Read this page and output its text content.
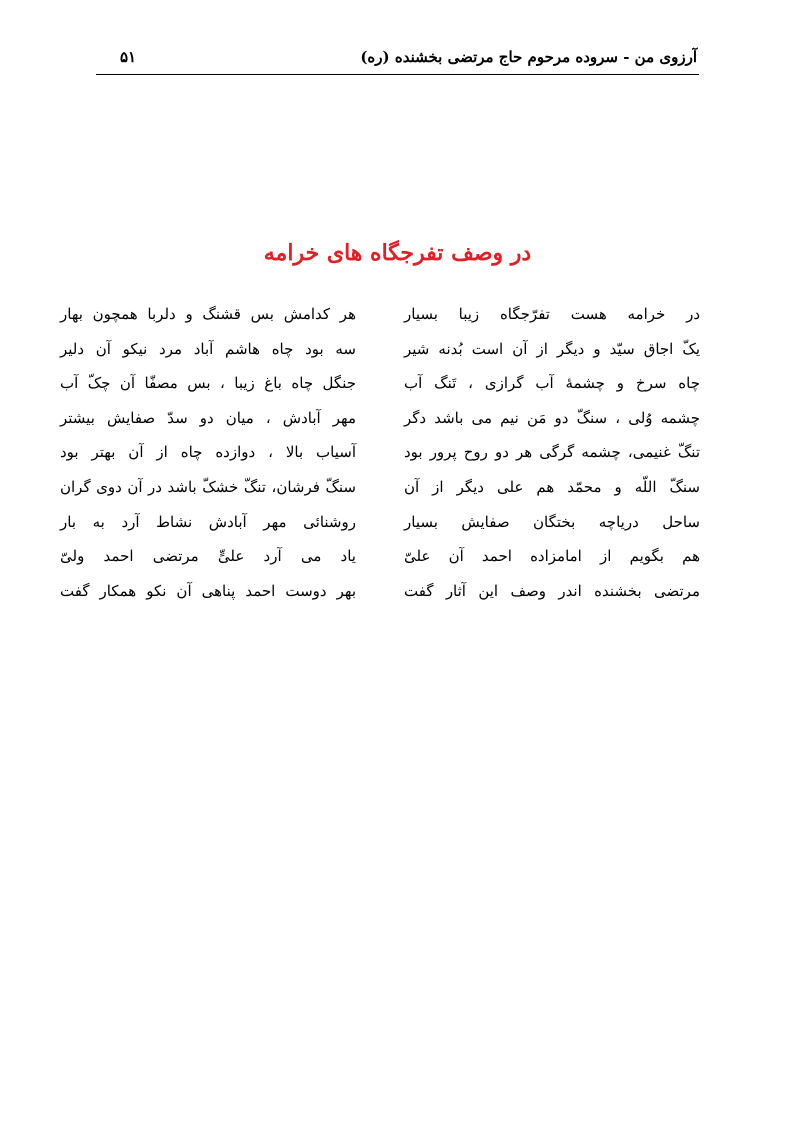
آرزوی من - سروده مرحوم حاج مرتضی بخشنده (ره)
۵۱
در وصف تفرجگاه های خرامه
در خرامه هست تفرّجگاه زیبا بسیار
هر کدامش بس قشنگ و دلربا همچون بهار
یکّ اجاق سیّد و دیگر از آن است بُدنه شیر
سه بود چاه هاشم آباد مرد نیکو آن دلیر
چاه سرخ و چشمهٔ آب گرازی ، تَنگ آب
جنگل چاه باغ زیبا ، بس مصفّا آن چکّ آب
چشمه وُلی ، سنگّ دو مَن نیم می باشد دگر
مهر آبادش ، میان دو سدّ صفایش بیشتر
تنگّ غنیمی، چشمه گرگی هر دو روح پرور بود
آسیاب بالا ، دوازده چاه از آن بهتر بود
سنگّ اللّه و محمّد هم علی دیگر از آن
سنگّ فرشان، تنگّ خشکّ باشد در آن دوی گران
ساحل دریاچه بختگان صفایش بسیار
روشنائی مهر آبادش نشاط آرد به بار
هم بگویم از امامزاده احمد آن علیّ
یاد می آرد علیٍّ مرتضی احمد ولیّ
مرتضی بخشنده اندر وصف این آثار گفت
بهر دوست احمد پناهی آن نکو همکار گفت
